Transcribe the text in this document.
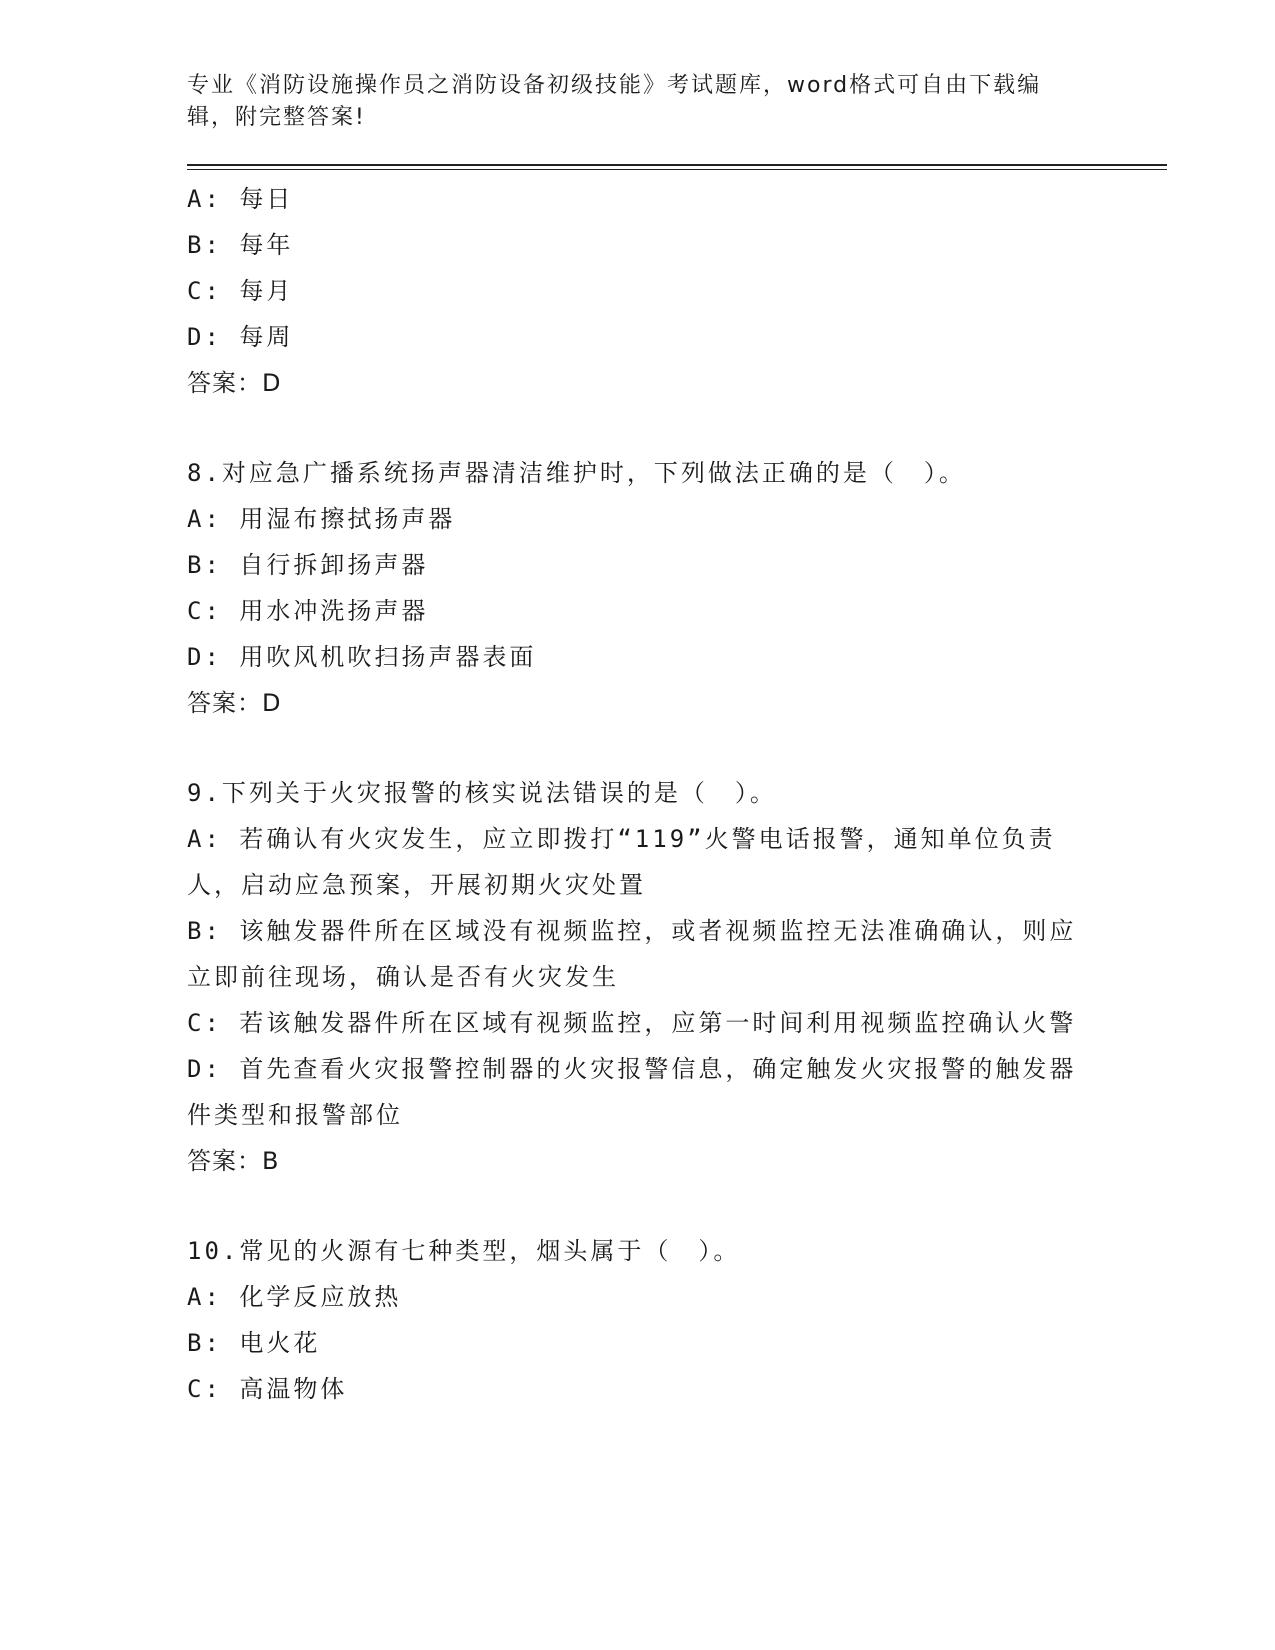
专业《消防设施操作员之消防设备初级技能》考试题库，word格式可自由下载编辑，附完整答案!

A: 每日

B: 每年

C: 每月

D: 每周

答案：D

8.对应急广播系统扬声器清洁维护时，下列做法正确的是（　）。

A: 用湿布擦拭扬声器

B: 自行拆卸扬声器

C: 用水冲洗扬声器

D: 用吹风机吹扫扬声器表面

答案：D

9.下列关于火灾报警的核实说法错误的是（　）。

A: 若确认有火灾发生，应立即拨打“119”火警电话报警，通知单位负责人，启动应急预案，开展初期火灾处置

B: 该触发器件所在区域没有视频监控，或者视频监控无法准确确认，则应立即前往现场，确认是否有火灾发生

C: 若该触发器件所在区域有视频监控，应第一时间利用视频监控确认火警

D: 首先查看火灾报警控制器的火灾报警信息，确定触发火灾报警的触发器件类型和报警部位

答案：B

10.常见的火源有七种类型，烟头属于（　）。

A: 化学反应放热

B: 电火花

C: 高温物体
